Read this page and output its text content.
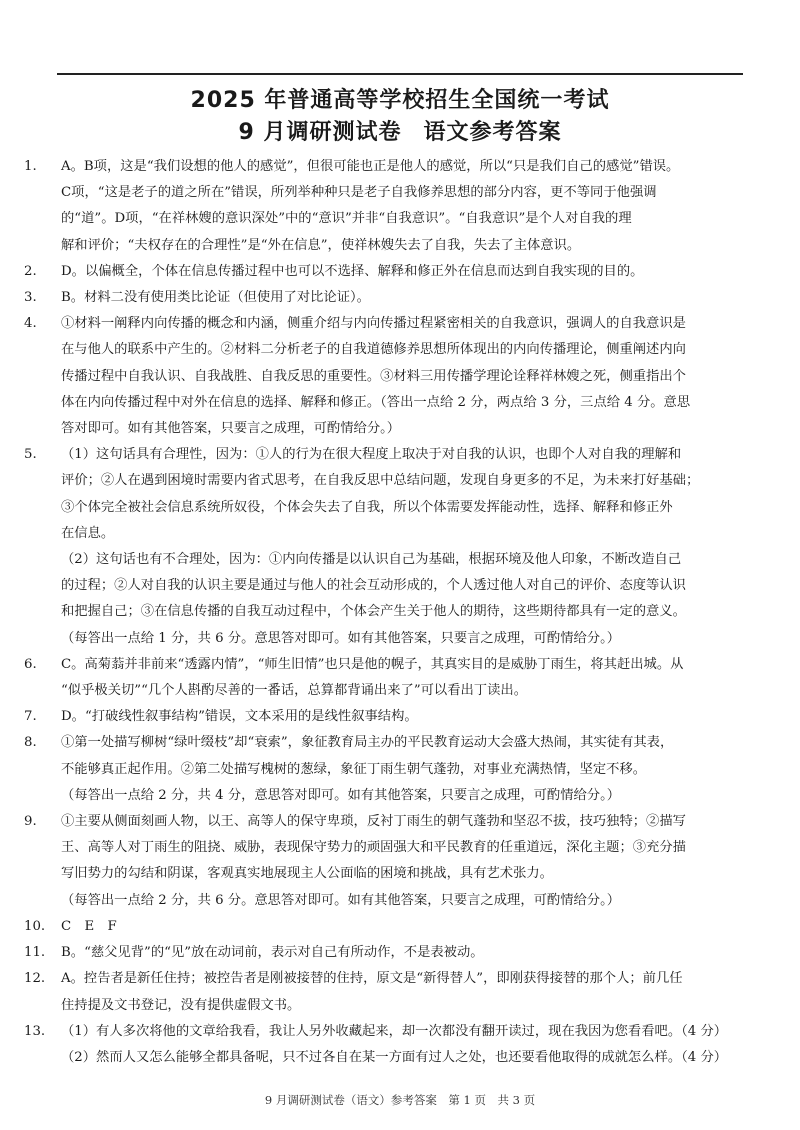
2025 年普通高等学校招生全国统一考试
9 月调研测试卷 语文参考答案
1.	A。B项，这是“我们设想的他人的感觉”，但很可能也正是他人的感觉，所以“只是我们自己的感觉”错误。

C项，“这是老子的道之所在”错误，所列举种种只是老子自我修养思想的部分内容，更不等同于他强调

的“道”。D项，“在祥林嫂的意识深处”中的“意识”并非“自我意识”。“自我意识”是个人对自我的理

解和评价；“夫权存在的合理性”是“外在信息”，使祥林嫂失去了自我，失去了主体意识。

2.	D。以偏概全，个体在信息传播过程中也可以不选择、解释和修正外在信息而达到自我实现的目的。

3.	B。材料二没有使用类比论证（但使用了对比论证）。

4.	①材料一阐释内向传播的概念和内涵，侧重介绍与内向传播过程紧密相关的自我意识，强调人的自我意识是

在与他人的联系中产生的。②材料二分析老子的自我道德修养思想所体现出的内向传播理论，侧重阐述内向

传播过程中自我认识、自我战胜、自我反思的重要性。③材料三用传播学理论诠释祥林嫂之死，侧重指出个

体在内向传播过程中对外在信息的选择、解释和修正。（答出一点给 2 分，两点给 3 分，三点给 4 分。意思

答对即可。如有其他答案，只要言之成理，可酌情给分。）

5.	（1）这句话具有合理性，因为：①人的行为在很大程度上取决于对自我的认识，也即个人对自我的理解和

评价；②人在遇到困境时需要内省式思考，在自我反思中总结问题，发现自身更多的不足，为未来打好基础；

③个体完全被社会信息系统所奴役，个体会失去了自我，所以个体需要发挥能动性，选择、解释和修正外

在信息。

（2）这句话也有不合理处，因为：①内向传播是以认识自己为基础，根据环境及他人印象，不断改造自己

的过程；②人对自我的认识主要是通过与他人的社会互动形成的，个人透过他人对自己的评价、态度等认识

和把握自己；③在信息传播的自我互动过程中，个体会产生关于他人的期待，这些期待都具有一定的意义。

（每答出一点给 1 分，共 6 分。意思答对即可。如有其他答案，只要言之成理，可酌情给分。）

6.	C。高菊蓊并非前来“透露内情”，“师生旧情”也只是他的幌子，其真实目的是威胁丁雨生，将其赶出城。从

“似乎极关切”“几个人斟酌尽善的一番话，总算都背诵出来了”可以看出丁读出。

7.	D。“打破线性叙事结构”错误，文本采用的是线性叙事结构。

8.	①第一处描写柳树“绿叶缀枝”却“衰索”，象征教育局主办的平民教育运动大会盛大热闹，其实徒有其表，

不能够真正起作用。②第二处描写槐树的葱绿，象征丁雨生朝气蓬勃，对事业充满热情，坚定不移。

（每答出一点给 2 分，共 4 分，意思答对即可。如有其他答案，只要言之成理，可酌情给分。）

9.	①主要从侧面刻画人物，以王、高等人的保守卑琐，反衬丁雨生的朝气蓬勃和坚忍不拔，技巧独特；②描写

王、高等人对丁雨生的阻挠、威胁，表现保守势力的顽固强大和平民教育的任重道远，深化主题；③充分描

写旧势力的勾结和阴谋，客观真实地展现主人公面临的困境和挑战，具有艺术张力。

（每答出一点给 2 分，共 6 分。意思答对即可。如有其他答案，只要言之成理，可酌情给分。）

10.	C　E　F

11.	B。“慈父见背”的“见”放在动词前，表示对自己有所动作，不是表被动。

12.	A。控告者是新任住持；被控告者是刚被接替的住持，原文是“新得替人”，即刚获得接替的那个人；前几任

住持提及文书登记，没有提供虚假文书。

13.	（1）有人多次将他的文章给我看，我让人另外收藏起来，却一次都没有翻开读过，现在我因为您看看吧。（4 分）

（2）然而人又怎么能够全都具备呢，只不过各自在某一方面有过人之处，也还要看他取得的成就怎么样。（4 分）

9 月调研测试卷（语文）参考答案　第 1 页　共 3 页
